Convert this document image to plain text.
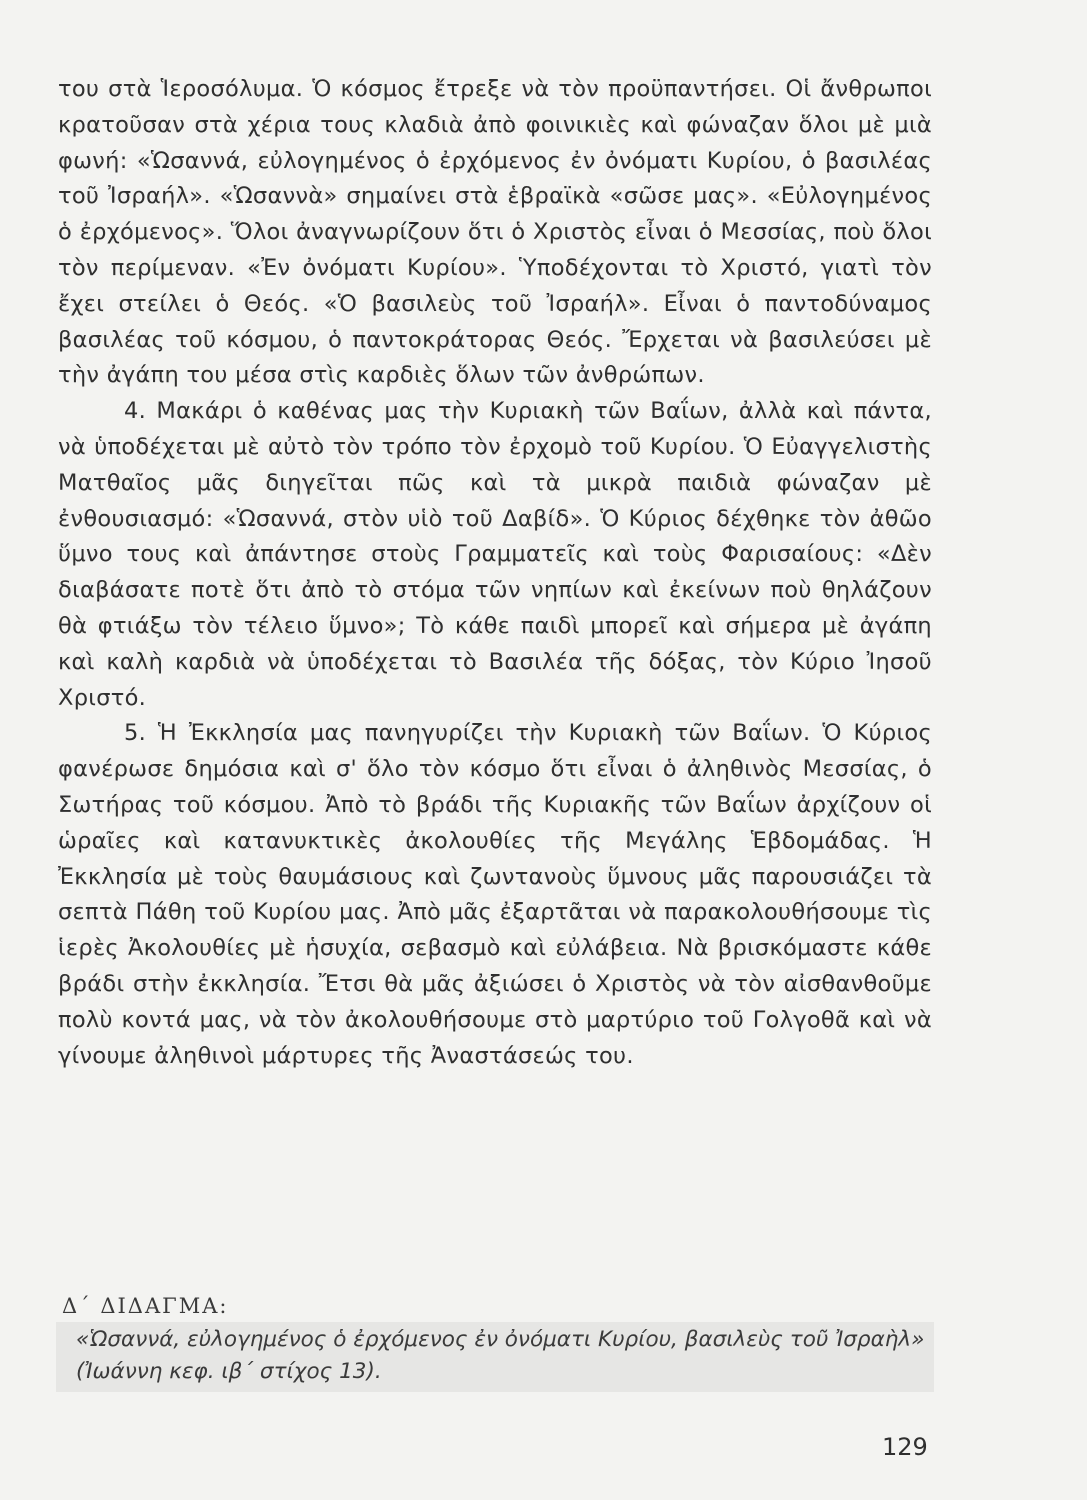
του στὰ Ἱεροσόλυμα. Ὁ κόσμος ἔτρεξε νὰ τὸν προϋπαντήσει. Οἱ ἄνθρωποι κρατοῦσαν στὰ χέρια τους κλαδιὰ ἀπὸ φοινικιὲς καὶ φώναζαν ὅλοι μὲ μιὰ φωνή: «Ὡσαννά, εὐλογημένος ὁ ἐρχόμενος ἐν ὀνόματι Κυρίου, ὁ βασιλέας τοῦ Ἰσραήλ». «Ὡσαννὰ» σημαίνει στὰ ἑβραϊκὰ «σῶσε μας». «Εὐλογημένος ὁ ἐρχόμενος». Ὅλοι ἀναγνωρίζουν ὅτι ὁ Χριστὸς εἶναι ὁ Μεσσίας, ποὺ ὅλοι τὸν περίμεναν. «Ἐν ὀνόματι Κυρίου». Ὑποδέχονται τὸ Χριστό, γιατὶ τὸν ἔχει στείλει ὁ Θεός. «Ὁ βασιλεὺς τοῦ Ἰσραήλ». Εἶναι ὁ παντοδύναμος βασιλέας τοῦ κόσμου, ὁ παντοκράτορας Θεός. Ἔρχεται νὰ βασιλεύσει μὲ τὴν ἀγάπη του μέσα στὶς καρδιὲς ὅλων τῶν ἀνθρώπων.

4. Μακάρι ὁ καθένας μας τὴν Κυριακὴ τῶν Βαΐων, ἀλλὰ καὶ πάντα, νὰ ὑποδέχεται μὲ αὐτὸ τὸν τρόπο τὸν ἐρχομὸ τοῦ Κυρίου. Ὁ Εὐαγγελιστὴς Ματθαῖος μᾶς διηγεῖται πῶς καὶ τὰ μικρὰ παιδιὰ φώναζαν μὲ ἐνθουσιασμό: «Ὡσαννά, στὸν υἱὸ τοῦ Δαβίδ». Ὁ Κύριος δέχθηκε τὸν ἀθῶο ὕμνο τους καὶ ἀπάντησε στοὺς Γραμματεῖς καὶ τοὺς Φαρισαίους: «Δὲν διαβάσατε ποτὲ ὅτι ἀπὸ τὸ στόμα τῶν νηπίων καὶ ἐκείνων ποὺ θηλάζουν θὰ φτιάξω τὸν τέλειο ὕμνο»; Τὸ κάθε παιδὶ μπορεῖ καὶ σήμερα μὲ ἀγάπη καὶ καλὴ καρδιὰ νὰ ὑποδέχεται τὸ Βασιλέα τῆς δόξας, τὸν Κύριο Ἰησοῦ Χριστό.

5. Ἡ Ἐκκλησία μας πανηγυρίζει τὴν Κυριακὴ τῶν Βαΐων. Ὁ Κύριος φανέρωσε δημόσια καὶ σ' ὅλο τὸν κόσμο ὅτι εἶναι ὁ ἀληθινὸς Μεσσίας, ὁ Σωτήρας τοῦ κόσμου. Ἀπὸ τὸ βράδι τῆς Κυριακῆς τῶν Βαΐων ἀρχίζουν οἱ ὡραῖες καὶ κατανυκτικὲς ἀκολουθίες τῆς Μεγάλης Ἑβδομάδας. Ἡ Ἐκκλησία μὲ τοὺς θαυμάσιους καὶ ζωντανοὺς ὕμνους μᾶς παρουσιάζει τὰ σεπτὰ Πάθη τοῦ Κυρίου μας. Ἀπὸ μᾶς ἐξαρτᾶται νὰ παρακολουθήσουμε τὶς ἱερὲς Ἀκολουθίες μὲ ἡσυχία, σεβασμὸ καὶ εὐλάβεια. Νὰ βρισκόμαστε κάθε βράδι στὴν ἐκκλησία. Ἔτσι θὰ μᾶς ἀξιώσει ὁ Χριστὸς νὰ τὸν αἰσθανθοῦμε πολὺ κοντά μας, νὰ τὸν ἀκολουθήσουμε στὸ μαρτύριο τοῦ Γολγοθᾶ καὶ νὰ γίνουμε ἀληθινοὶ μάρτυρες τῆς Ἀναστάσεώς του.

Δ΄ ΔΙΔΑΓΜΑ:
«Ὡσαννά, εὐλογημένος ὁ ἐρχόμενος ἐν ὀνόματι Κυρίου, βασιλεὺς τοῦ Ἰσραὴλ» (Ἰωάννη κεφ. ιβ΄ στίχος 13).
129
